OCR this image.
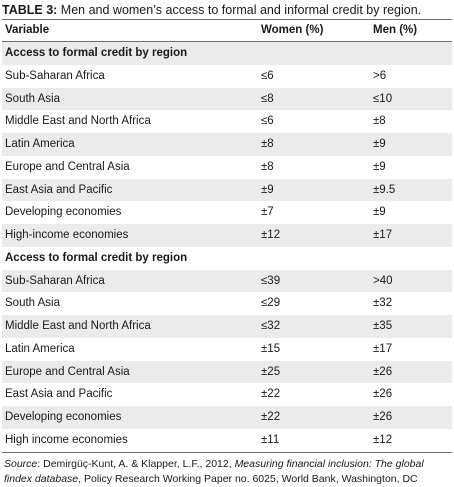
TABLE 3: Men and women’s access to formal and informal credit by region.
Variable	Women (%)	Men (%)
Access to formal credit by region		
Sub-Saharan Africa	≤6	>6
South Asia	≤8	≤10
Middle East and North Africa	≤6	±8
Latin America	±8	±9
Europe and Central Asia	±8	±9
East Asia and Pacific	±9	±9.5
Developing economies	±7	±9
High-income economies	±12	±17
Access to formal credit by region		
Sub-Saharan Africa	≤39	>40
South Asia	≤29	±32
Middle East and North Africa	≤32	±35
Latin America	±15	±17
Europe and Central Asia	±25	±26
East Asia and Pacific	±22	±26
Developing economies	±22	±26
High income economies	±11	±12
Source: Demirgüç-Kunt, A. & Klapper, L.F., 2012, Measuring financial inclusion: The global findex database, Policy Research Working Paper no. 6025, World Bank, Washington, DC
